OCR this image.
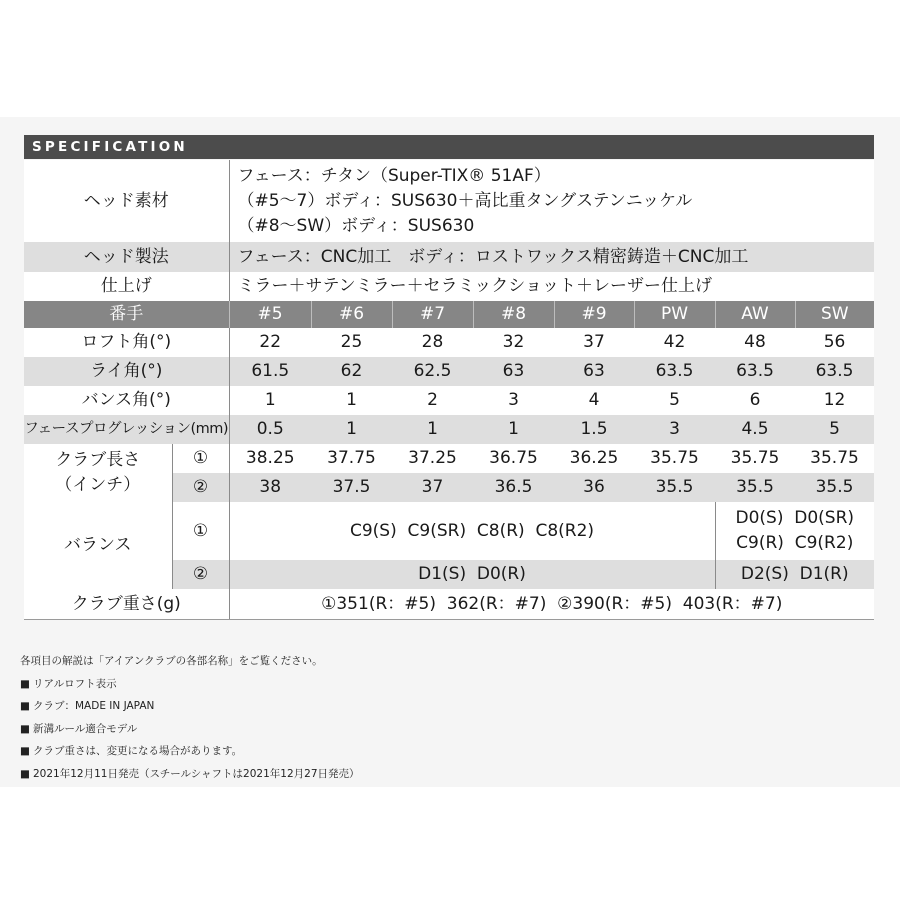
SPECIFICATION
ヘッド素材		フェース：チタン（Super-TIX® 51AF）
（#5〜7）ボディ：SUS630＋高比重タングステンニッケル
（#8〜SW）ボディ：SUS630							

ヘッド製法		フェース：CNC加工　ボディ：ロストワックス精密鋳造＋CNC加工							
仕上げ		ミラー＋サテンミラー＋セラミックショット＋レーザー仕上げ							
番手		#5	#6	#7	#8	#9	PW	AW	SW
ロフト角(°)		22	25	28	32	37	42	48	56
ライ角(°)		61.5	62	62.5	63	63	63.5	63.5	63.5
バンス角(°)		1	1	2	3	4	5	6	12
フェースプログレッション(mm)		0.5	1	1	1	1.5	3	4.5	5

クラブ長さ
（インチ）	①	38.25	37.75	37.25	36.75	36.25	35.75	35.75	35.75
	②	38	37.5	37	36.5	36	35.5	35.5	35.5
バランス	①	C9(S)  C9(SR)  C8(R)  C8(R2)						D0(S)  D0(SR)
C9(R)  C9(R2)	

	②	D1(S)  D0(R)						D2(S)  D1(R)	
クラブ重さ(g)		①351(R：#5)  362(R：#7)  ②390(R：#5)  403(R：#7)							
各項目の解説は「アイアンクラブの各部名称」をご覧ください。
■ リアルロフト表示
■ クラブ：MADE IN JAPAN
■ 新溝ルール適合モデル
■ クラブ重さは、変更になる場合があります。
■ 2021年12月11日発売（スチールシャフトは2021年12月27日発売）
